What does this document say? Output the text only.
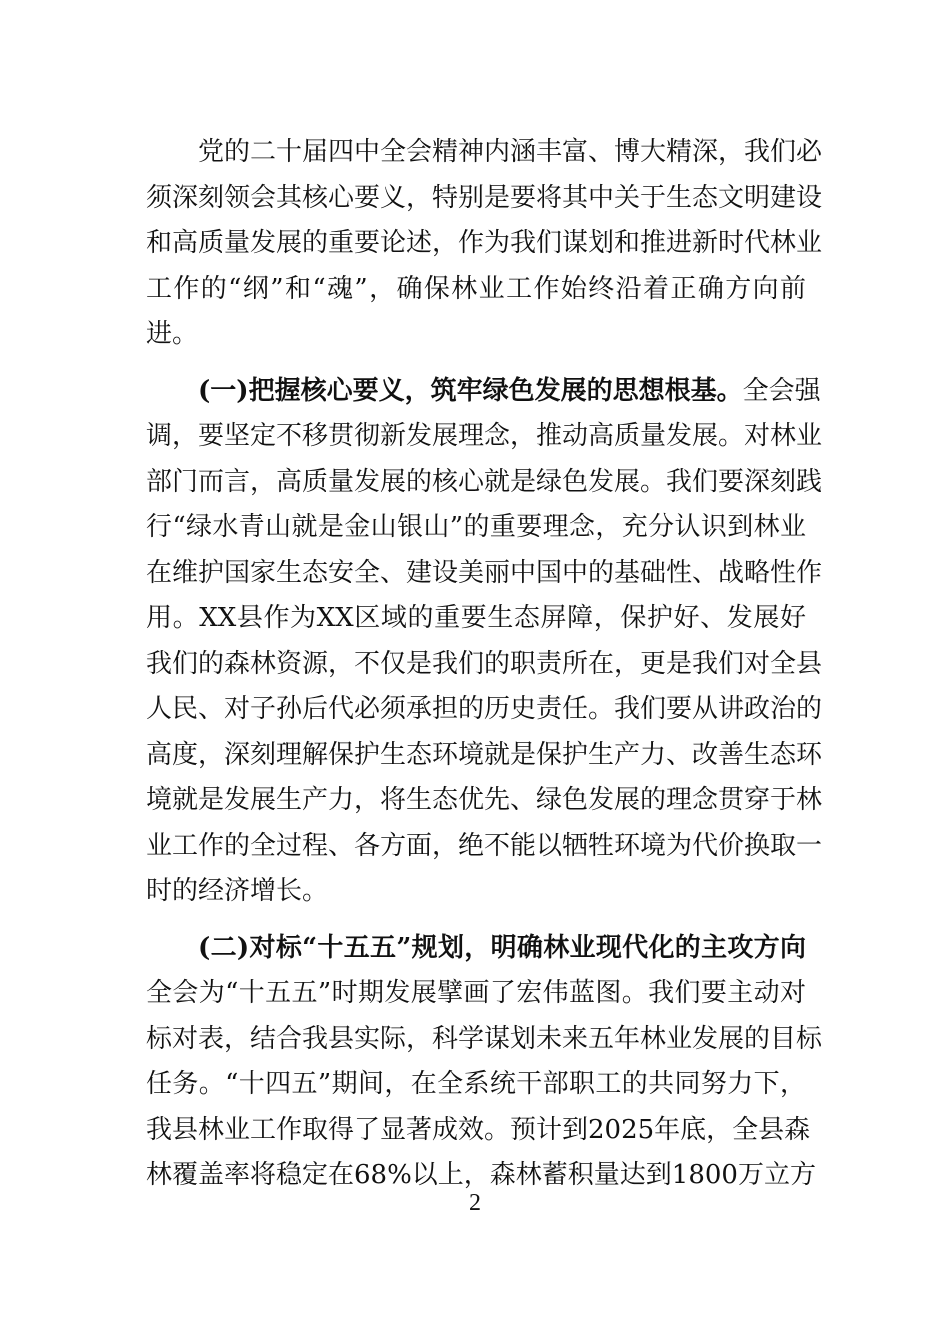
党的二十届四中全会精神内涵丰富、博大精深，我们必
须深刻领会其核心要义，特别是要将其中关于生态文明建设
和高质量发展的重要论述，作为我们谋划和推进新时代林业
工作的“纲”和“魂”，确保林业工作始终沿着正确方向前
进。
(一)把握核心要义，筑牢绿色发展的思想根基。全会强
调，要坚定不移贯彻新发展理念，推动高质量发展。对林业
部门而言，高质量发展的核心就是绿色发展。我们要深刻践
行“绿水青山就是金山银山”的重要理念，充分认识到林业
在维护国家生态安全、建设美丽中国中的基础性、战略性作
用。XX县作为XX区域的重要生态屏障，保护好、发展好
我们的森林资源，不仅是我们的职责所在，更是我们对全县
人民、对子孙后代必须承担的历史责任。我们要从讲政治的
高度，深刻理解保护生态环境就是保护生产力、改善生态环
境就是发展生产力，将生态优先、绿色发展的理念贯穿于林
业工作的全过程、各方面，绝不能以牺牲环境为代价换取一
时的经济增长。
(二)对标“十五五”规划，明确林业现代化的主攻方向
全会为“十五五”时期发展擘画了宏伟蓝图。我们要主动对
标对表，结合我县实际，科学谋划未来五年林业发展的目标
任务。“十四五”期间，在全系统干部职工的共同努力下，
我县林业工作取得了显著成效。预计到2025年底，全县森
林覆盖率将稳定在68%以上，森林蓄积量达到1800万立方
2
